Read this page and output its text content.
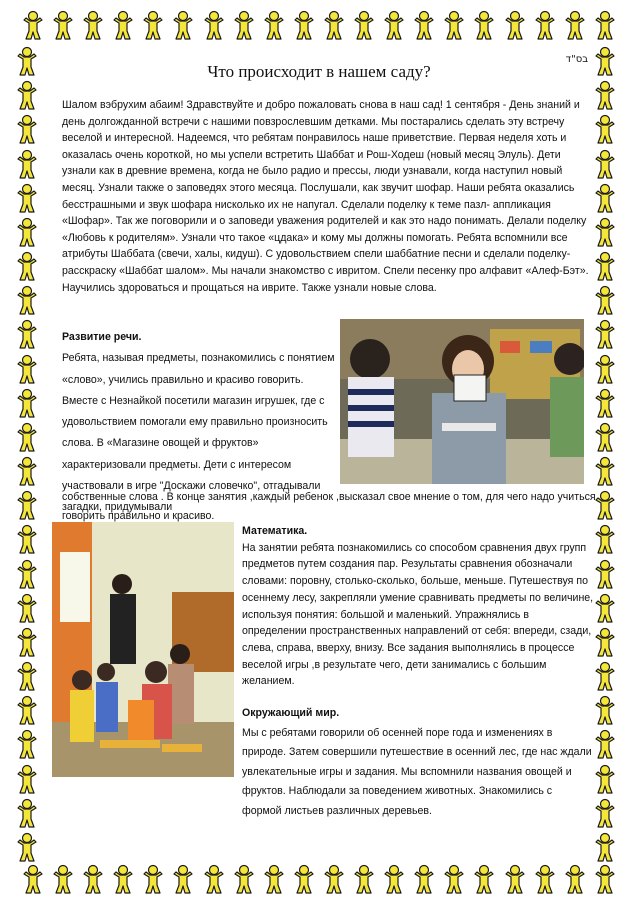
בס"ד
Что происходит в нашем саду?

Шалом вэбрухим абаим! Здравствуйте и добро пожаловать снова в наш сад! 1 сентября - День знаний и день долгожданной встречи с нашими повзрослевшим детками. Мы постарались сделать эту встречу веселой и интересной. Надеемся, что ребятам понравилось наше приветствие. Первая неделя хоть и оказалась очень короткой, но мы успели встретить Шаббат и Рош-Ходеш (новый месяц Элуль). Дети узнали как в древние времена, когда не было радио и прессы, люди узнавали, когда наступил новый месяц. Узнали также о заповедях этого месяца. Послушали, как звучит шофар. Наши ребята оказались бесстрашными и звук шофара нисколько их не напугал. Сделали поделку к теме пазл- аппликация «Шофар». Так же поговорили и о заповеди уважения родителей и как это надо понимать. Делали поделку «Любовь к родителям». Узнали что такое «цдака» и кому мы должны помогать. Ребята вспомнили все атрибуты Шаббата (свечи, халы, кидуш). С удовольствием спели шаббатние песни и сделали поделку-расскраску «Шаббат шалом». Мы начали знакомство с ивритом. Спели песенку про алфавит «Алеф-Бэт». Научились здороваться и прощаться на иврите. Также узнали новые слова.

Развитие речи.
Ребята, называя предметы, познакомились с понятием «слово», учились правильно и красиво говорить. Вместе с Незнайкой посетили магазин игрушек, где с удовольствием помогали ему правильно произносить слова. В «Магазине овощей и фруктов» характеризовали предметы. Дети с интересом участвовали в игре "Доскажи словечко", отгадывали загадки, придумывали

собственные слова . В конце занятия ,каждый ребенок ,высказал свое мнение о том, для чего надо учиться говорить правильно и красиво.

Математика.
На занятии ребята познакомились со способом сравнения двух групп предметов путем создания пар. Результаты сравнения обозначали словами: поровну, столько-сколько, больше, меньше. Путешествуя по осеннему лесу, закрепляли умение сравнивать предметы по величине, используя понятия: большой и маленький. Упражнялись в определении пространственных направлений от себя: впереди, сзади, слева, справа, вверху, внизу. Все задания выполнялись в процессе веселой игры ,в результате чего, дети занимались с большим желанием.
Окружающий мир.
Мы с ребятами говорили об осенней поре года и изменениях в природе. Затем совершили путешествие в осенний лес, где нас ждали увлекательные игры и задания. Мы вспомнили названия овощей и фруктов. Наблюдали за поведением животных. Знакомились с формой листьев различных деревьев.
